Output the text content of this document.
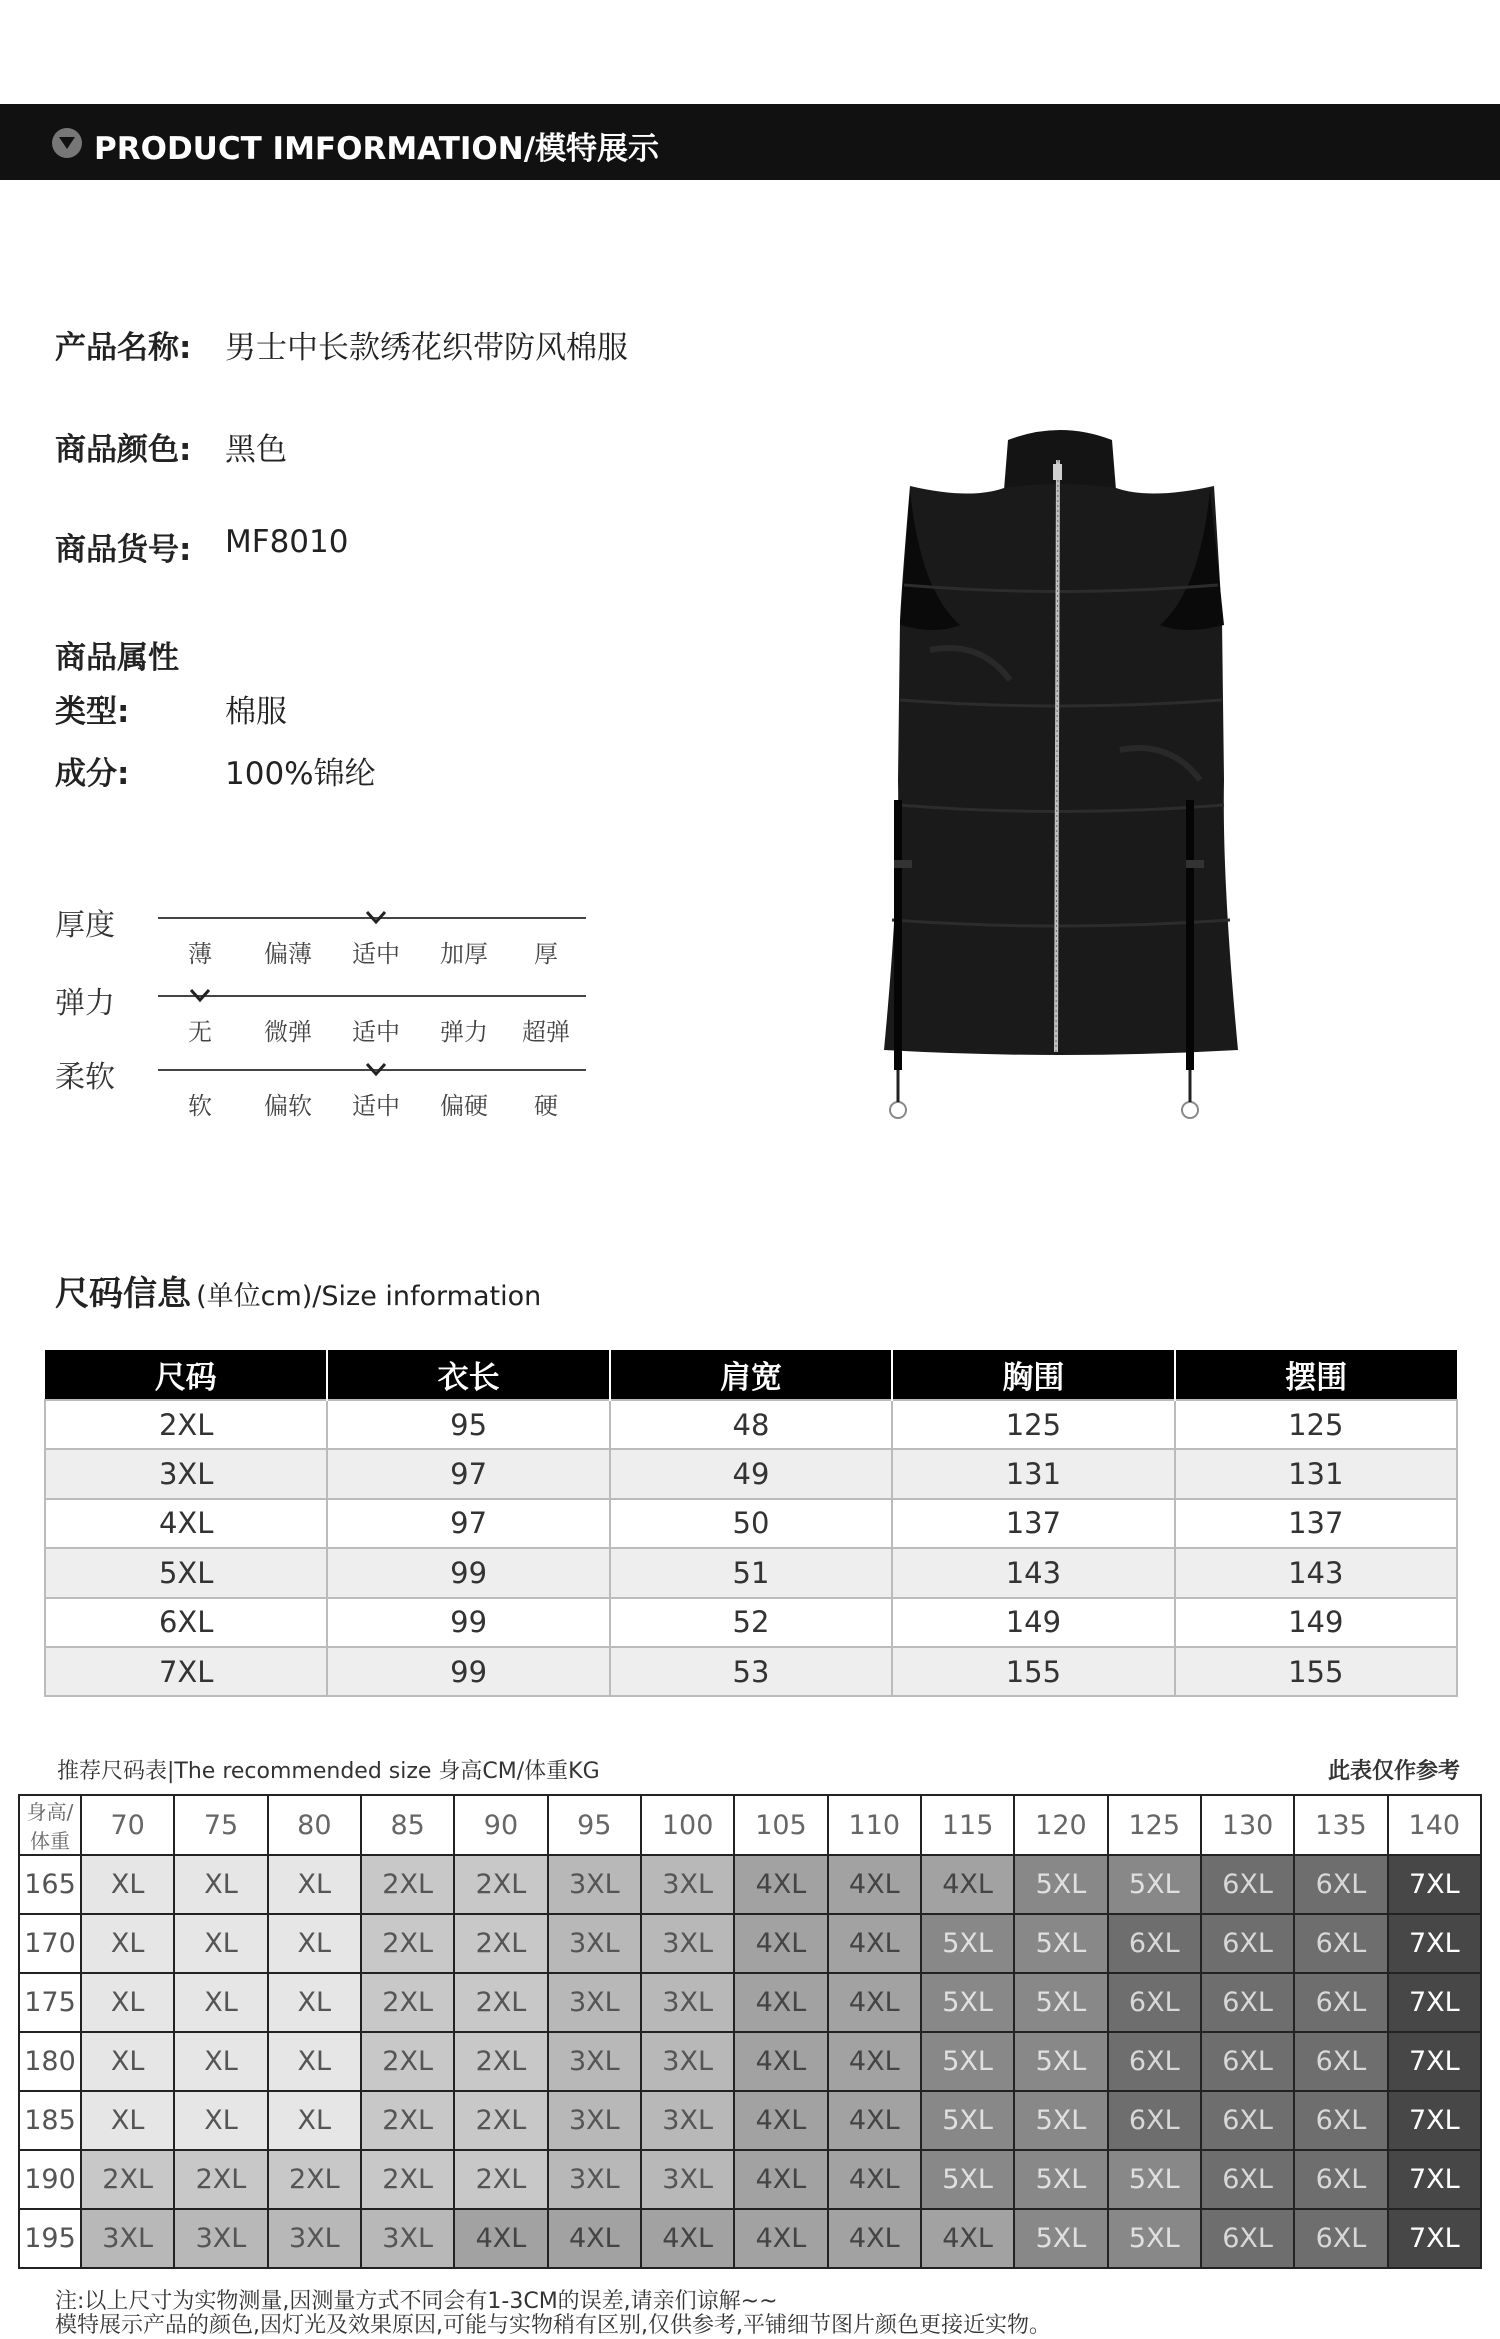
PRODUCT IMFORMATION/模特展示
产品名称: 男士中长款绣花织带防风棉服
商品颜色: 黑色
商品货号: MF8010
商品属性
类型:	棉服
成分:	100%锦纶
厚度
薄	偏薄 适中 加厚	厚
弹力
无	微弹 适中 弹力 超弹
柔软
软	偏软 适中 偏硬	硬
尺码信息 (单位cm)/Size information
尺码	衣长	肩宽	胸围	摆围
2XL	95	48	125	125
3XL	97	49	131	131
4XL	97	50	137	137
5XL	99	51	143	143
6XL	99	52	149	149
7XL	99	53	155	155
推荐尺码表|The recommended size 身高CM/体重KG	此表仅作参考
身高/体重	70	75	80	85	90	95	100	105	110	115	120	125	130	135	140
165	XL	XL	XL	2XL	2XL	3XL	3XL	4XL	4XL	4XL	5XL	5XL	6XL	6XL	7XL
170	XL	XL	XL	2XL	2XL	3XL	3XL	4XL	4XL	5XL	5XL	6XL	6XL	6XL	7XL
175	XL	XL	XL	2XL	2XL	3XL	3XL	4XL	4XL	5XL	5XL	6XL	6XL	6XL	7XL
180	XL	XL	XL	2XL	2XL	3XL	3XL	4XL	4XL	5XL	5XL	6XL	6XL	6XL	7XL
185	XL	XL	XL	2XL	2XL	3XL	3XL	4XL	4XL	5XL	5XL	6XL	6XL	6XL	7XL
190	2XL	2XL	2XL	2XL	2XL	3XL	3XL	4XL	4XL	5XL	5XL	5XL	6XL	6XL	7XL
195	3XL	3XL	3XL	3XL	4XL	4XL	4XL	4XL	4XL	4XL	5XL	5XL	6XL	6XL	7XL
注:以上尺寸为实物测量,因测量方式不同会有1-3CM的误差,请亲们谅解~~
模特展示产品的颜色,因灯光及效果原因,可能与实物稍有区别,仅供参考,平铺细节图片颜色更接近实物。
